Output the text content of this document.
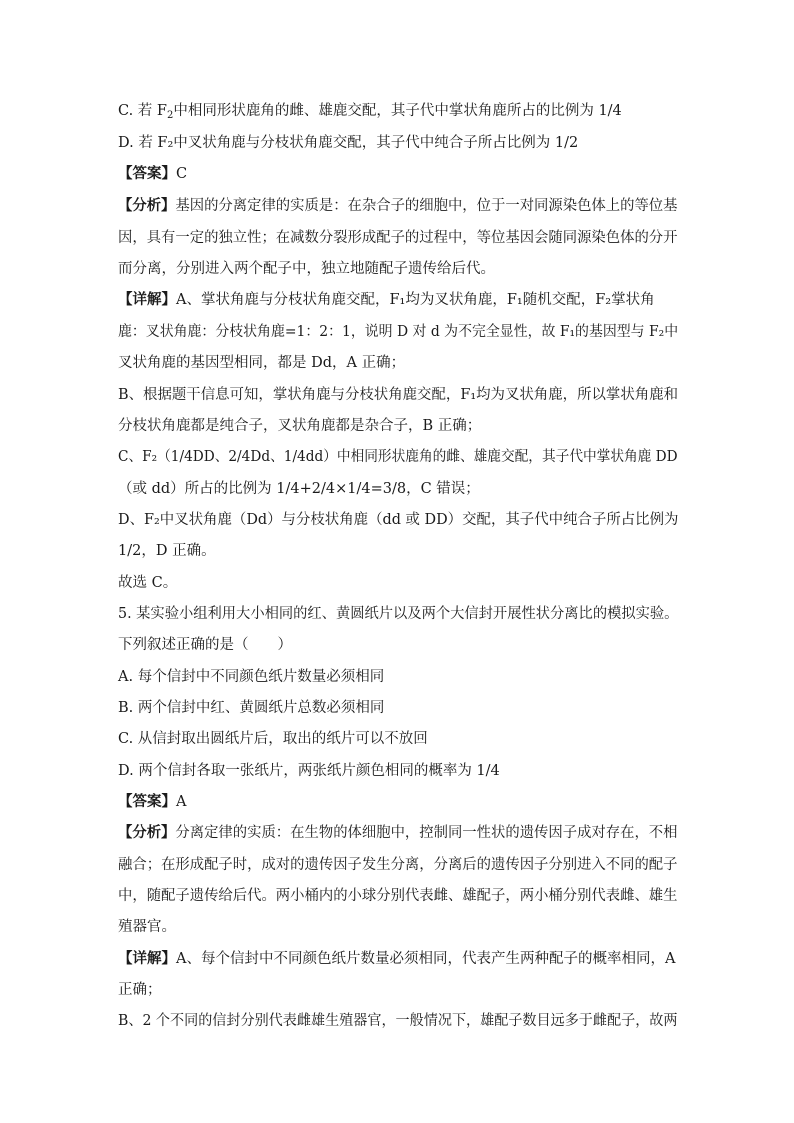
C. 若 $F_2$中相同形状鹿角的雌、雄鹿交配，其子代中掌状角鹿所占的比例为 1/4
D. 若 F₂中叉状角鹿与分枝状角鹿交配，其子代中纯合子所占比例为 1/2
【答案】C
【分析】基因的分离定律的实质是：在杂合子的细胞中，位于一对同源染色体上的等位基
因，具有一定的独立性；在减数分裂形成配子的过程中，等位基因会随同源染色体的分开
而分离，分别进入两个配子中，独立地随配子遗传给后代。
【详解】A、掌状角鹿与分枝状角鹿交配，F₁均为叉状角鹿，F₁随机交配，F₂掌状角
鹿：叉状角鹿：分枝状角鹿=1：2：1，说明 D 对 d 为不完全显性，故 F₁的基因型与 F₂中
叉状角鹿的基因型相同，都是 Dd，A 正确；
B、根据题干信息可知，掌状角鹿与分枝状角鹿交配，F₁均为叉状角鹿，所以掌状角鹿和
分枝状角鹿都是纯合子，叉状角鹿都是杂合子，B 正确；
C、F₂（1/4DD、2/4Dd、1/4dd）中相同形状鹿角的雌、雄鹿交配，其子代中掌状角鹿 DD
（或 dd）所占的比例为 1/4+2/4×1/4=3/8，C 错误；
D、F₂中叉状角鹿（Dd）与分枝状角鹿（dd 或 DD）交配，其子代中纯合子所占比例为
1/2，D 正确。
故选 C。
5. 某实验小组利用大小相同的红、黄圆纸片以及两个大信封开展性状分离比的模拟实验。
下列叙述正确的是（　　）
A. 每个信封中不同颜色纸片数量必须相同
B. 两个信封中红、黄圆纸片总数必须相同
C. 从信封取出圆纸片后，取出的纸片可以不放回
D. 两个信封各取一张纸片，两张纸片颜色相同的概率为 1/4
【答案】A
【分析】分离定律的实质：在生物的体细胞中，控制同一性状的遗传因子成对存在，不相
融合；在形成配子时，成对的遗传因子发生分离，分离后的遗传因子分别进入不同的配子
中，随配子遗传给后代。两小桶内的小球分别代表雌、雄配子，两小桶分别代表雌、雄生
殖器官。
【详解】A、每个信封中不同颜色纸片数量必须相同，代表产生两种配子的概率相同，A
正确；
B、2 个不同的信封分别代表雌雄生殖器官，一般情况下，雄配子数目远多于雌配子，故两
